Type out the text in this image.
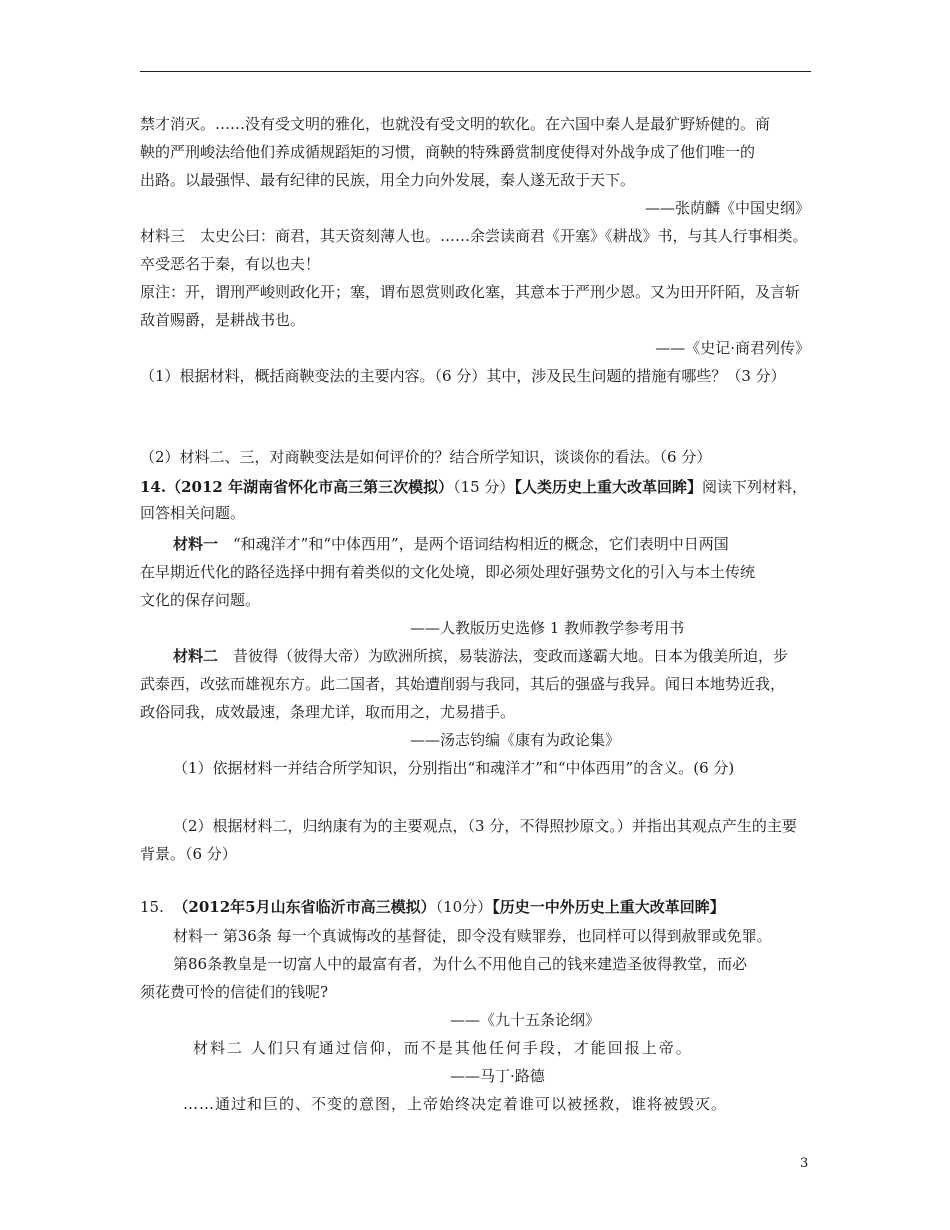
禁才消灭。……没有受文明的雅化，也就没有受文明的软化。在六国中秦人是最犷野矫健的。商
鞅的严刑峻法给他们养成循规蹈矩的习惯，商鞅的特殊爵赏制度使得对外战争成了他们唯一的
出路。以最强悍、最有纪律的民族，用全力向外发展，秦人遂无敌于天下。
——张荫麟《中国史纲》
材料三　太史公曰：商君，其天资刻薄人也。……余尝读商君《开塞》《耕战》书，与其人行事相类。
卒受恶名于秦，有以也夫！
原注：开，谓刑严峻则政化开；塞，谓布恩赏则政化塞，其意本于严刑少恩。又为田开阡陌，及言斩
敌首赐爵，是耕战书也。
——《史记·商君列传》
（1）根据材料，概括商鞅变法的主要内容。（6 分）其中，涉及民生问题的措施有哪些？（3 分）
（2）材料二、三，对商鞅变法是如何评价的？结合所学知识，谈谈你的看法。（6 分）
14.（2012 年湖南省怀化市高三第三次模拟）（15 分）【人类历史上重大改革回眸】阅读下列材料，
回答相关问题。
材料一　“和魂洋才”和“中体西用”，是两个语词结构相近的概念，它们表明中日两国
在早期近代化的路径选择中拥有着类似的文化处境，即必须处理好强势文化的引入与本土传统
文化的保存问题。
——人教版历史选修 1 教师教学参考用书
材料二　昔彼得（彼得大帝）为欧洲所摈，易装游法，变政而遂霸大地。日本为俄美所迫，步
武泰西，改弦而雄视东方。此二国者，其始遭削弱与我同，其后的强盛与我异。闻日本地势近我，
政俗同我，成效最速，条理尤详，取而用之，尤易措手。
——汤志钧编《康有为政论集》
（1）依据材料一并结合所学知识，分别指出“和魂洋才”和“中体西用”的含义。(6 分)
（2）根据材料二，归纳康有为的主要观点，（3 分，不得照抄原文。）并指出其观点产生的主要
背景。（6 分）
15. （2012年5月山东省临沂市高三模拟）（10分）【历史一中外历史上重大改革回眸】
材料一 第36条 每一个真诚悔改的基督徒，即令没有赎罪券，也同样可以得到赦罪或免罪。
第86条教皇是一切富人中的最富有者，为什么不用他自己的钱来建造圣彼得教堂，而必
须花费可怜的信徒们的钱呢?
——《九十五条论纲》
材料二 人们只有通过信仰，而不是其他任何手段，才能回报上帝。
——马丁·路德
……通过和巨的、不变的意图，上帝始终决定着谁可以被拯救，谁将被毁灭。
3
